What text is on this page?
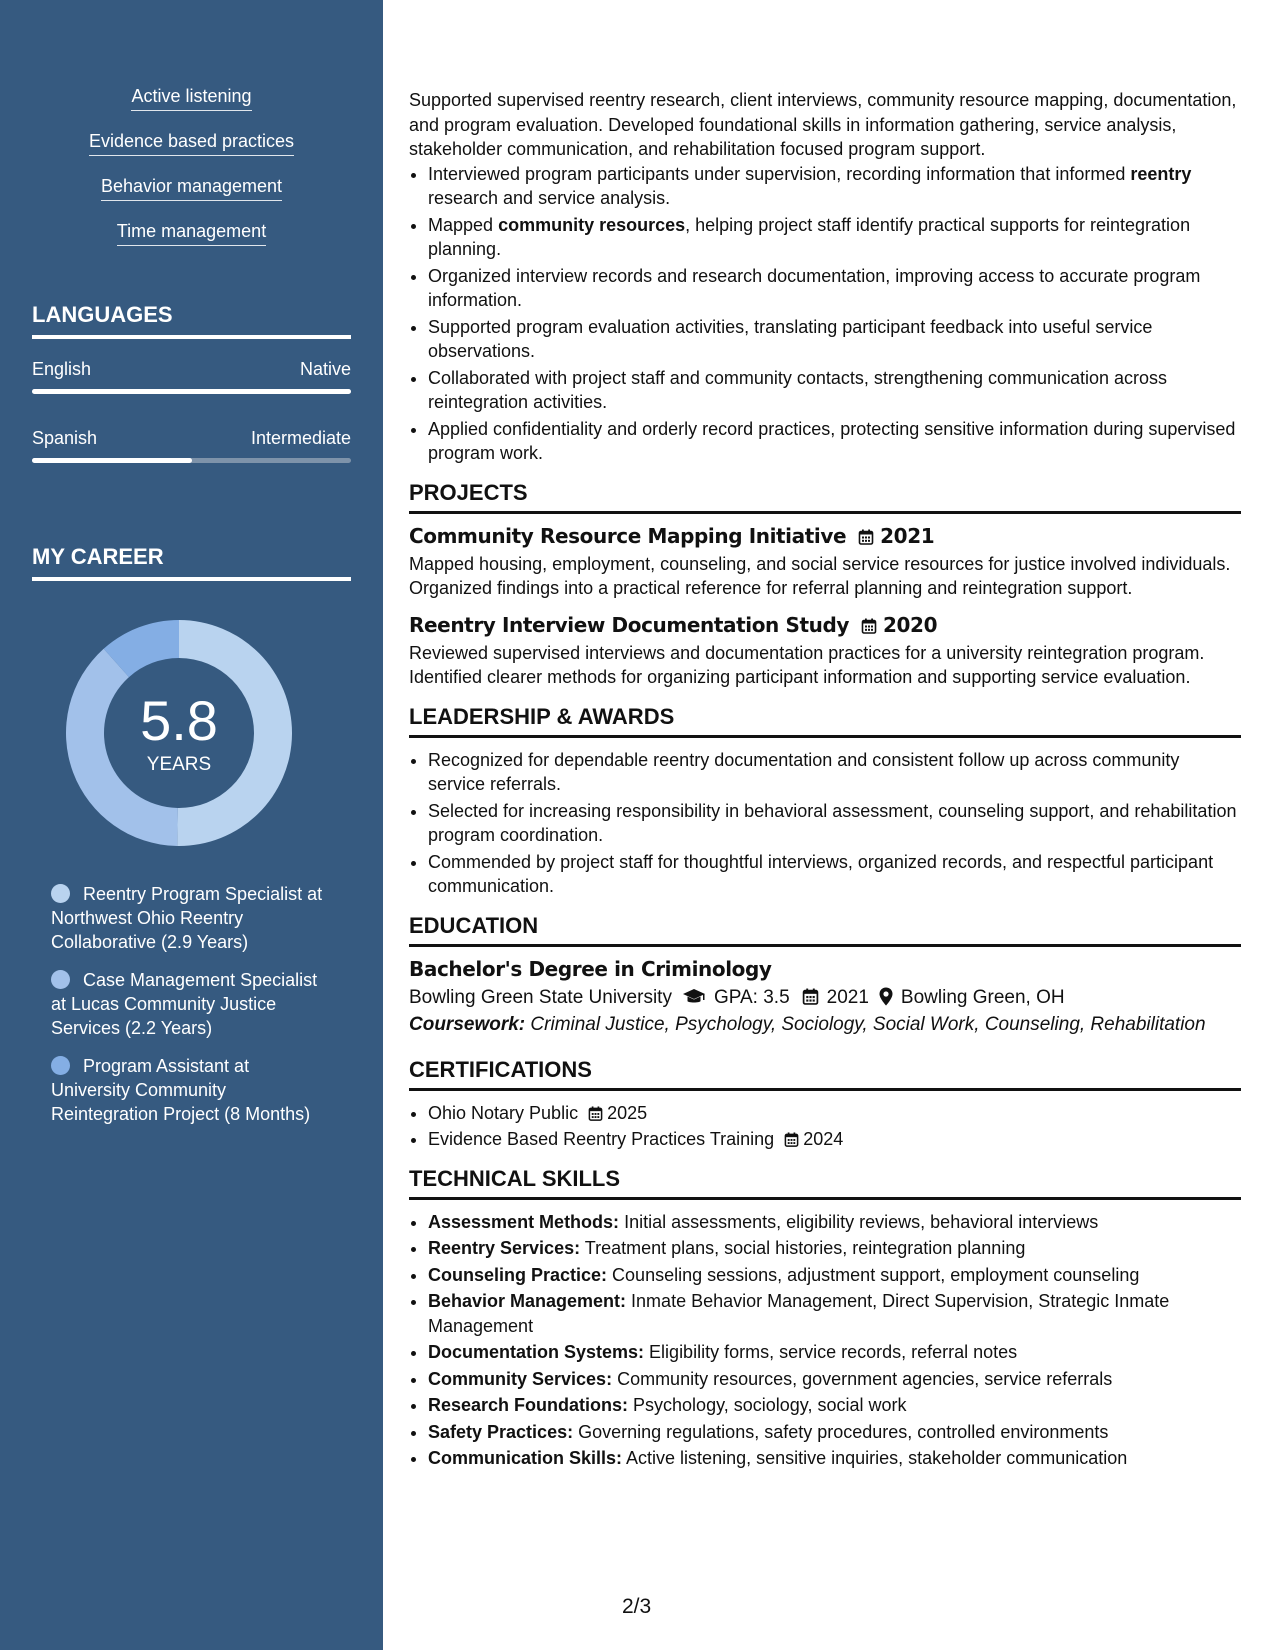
Active listening
Evidence based practices
Behavior management
Time management
LANGUAGES
English	Native
Spanish	Intermediate
MY CAREER
5.8
YEARS
Reentry Program Specialist at Northwest Ohio Reentry Collaborative (2.9 Years)
Case Management Specialist at Lucas Community Justice Services (2.2 Years)
Program Assistant at University Community Reintegration Project (8 Months)

Supported supervised reentry research, client interviews, community resource mapping, documentation, and program evaluation. Developed foundational skills in information gathering, service analysis, stakeholder communication, and rehabilitation focused program support.

• Interviewed program participants under supervision, recording information that informed reentry research and service analysis.
• Mapped community resources, helping project staff identify practical supports for reintegration planning.
• Organized interview records and research documentation, improving access to accurate program information.
• Supported program evaluation activities, translating participant feedback into useful service observations.
• Collaborated with project staff and community contacts, strengthening communication across reintegration activities.
• Applied confidentiality and orderly record practices, protecting sensitive information during supervised program work.
PROJECTS
Community Resource Mapping Initiative 2021

Mapped housing, employment, counseling, and social service resources for justice involved individuals. Organized findings into a practical reference for referral planning and reintegration support.

Reentry Interview Documentation Study 2020

Reviewed supervised interviews and documentation practices for a university reintegration program. Identified clearer methods for organizing participant information and supporting service evaluation.

LEADERSHIP & AWARDS
• Recognized for dependable reentry documentation and consistent follow up across community service referrals.
• Selected for increasing responsibility in behavioral assessment, counseling support, and rehabilitation program coordination.
• Commended by project staff for thoughtful interviews, organized records, and respectful participant communication.
EDUCATION
Bachelor's Degree in Criminology
Bowling Green State University GPA: 3.5 2021 Bowling Green, OH
Coursework: Criminal Justice, Psychology, Sociology, Social Work, Counseling, Rehabilitation
CERTIFICATIONS
• Ohio Notary Public 2025
• Evidence Based Reentry Practices Training 2024
TECHNICAL SKILLS
• Assessment Methods: Initial assessments, eligibility reviews, behavioral interviews
• Reentry Services: Treatment plans, social histories, reintegration planning
• Counseling Practice: Counseling sessions, adjustment support, employment counseling
• Behavior Management: Inmate Behavior Management, Direct Supervision, Strategic Inmate Management
• Documentation Systems: Eligibility forms, service records, referral notes
• Community Services: Community resources, government agencies, service referrals
• Research Foundations: Psychology, sociology, social work
• Safety Practices: Governing regulations, safety procedures, controlled environments
• Communication Skills: Active listening, sensitive inquiries, stakeholder communication
2/3
